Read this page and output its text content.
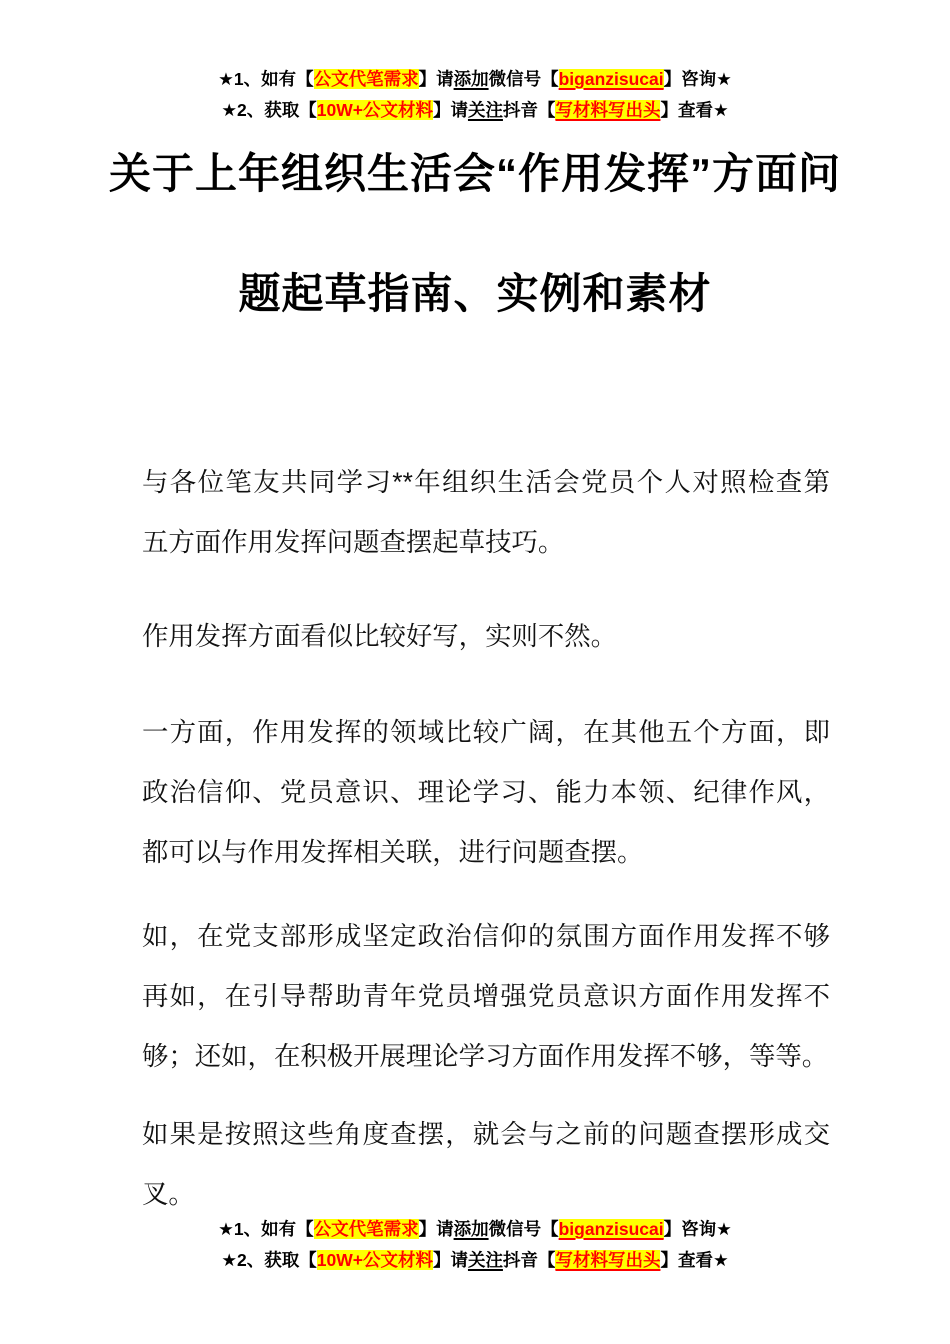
★1、如有【公文代笔需求】请添加微信号【biganzisucai】咨询★
★2、获取【10W+公文材料】请关注抖音【写材料写出头】查看★
关于上年组织生活会“作用发挥”方面问
题起草指南、实例和素材
与各位笔友共同学习**年组织生活会党员个人对照检查第
五方面作用发挥问题查摆起草技巧。
作用发挥方面看似比较好写，实则不然。
一方面，作用发挥的领域比较广阔，在其他五个方面，即
政治信仰、党员意识、理论学习、能力本领、纪律作风，
都可以与作用发挥相关联，进行问题查摆。
如，在党支部形成坚定政治信仰的氛围方面作用发挥不够
再如，在引导帮助青年党员增强党员意识方面作用发挥不
够；还如，在积极开展理论学习方面作用发挥不够，等等。
如果是按照这些角度查摆，就会与之前的问题查摆形成交
叉。
★1、如有【公文代笔需求】请添加微信号【biganzisucai】咨询★
★2、获取【10W+公文材料】请关注抖音【写材料写出头】查看★
